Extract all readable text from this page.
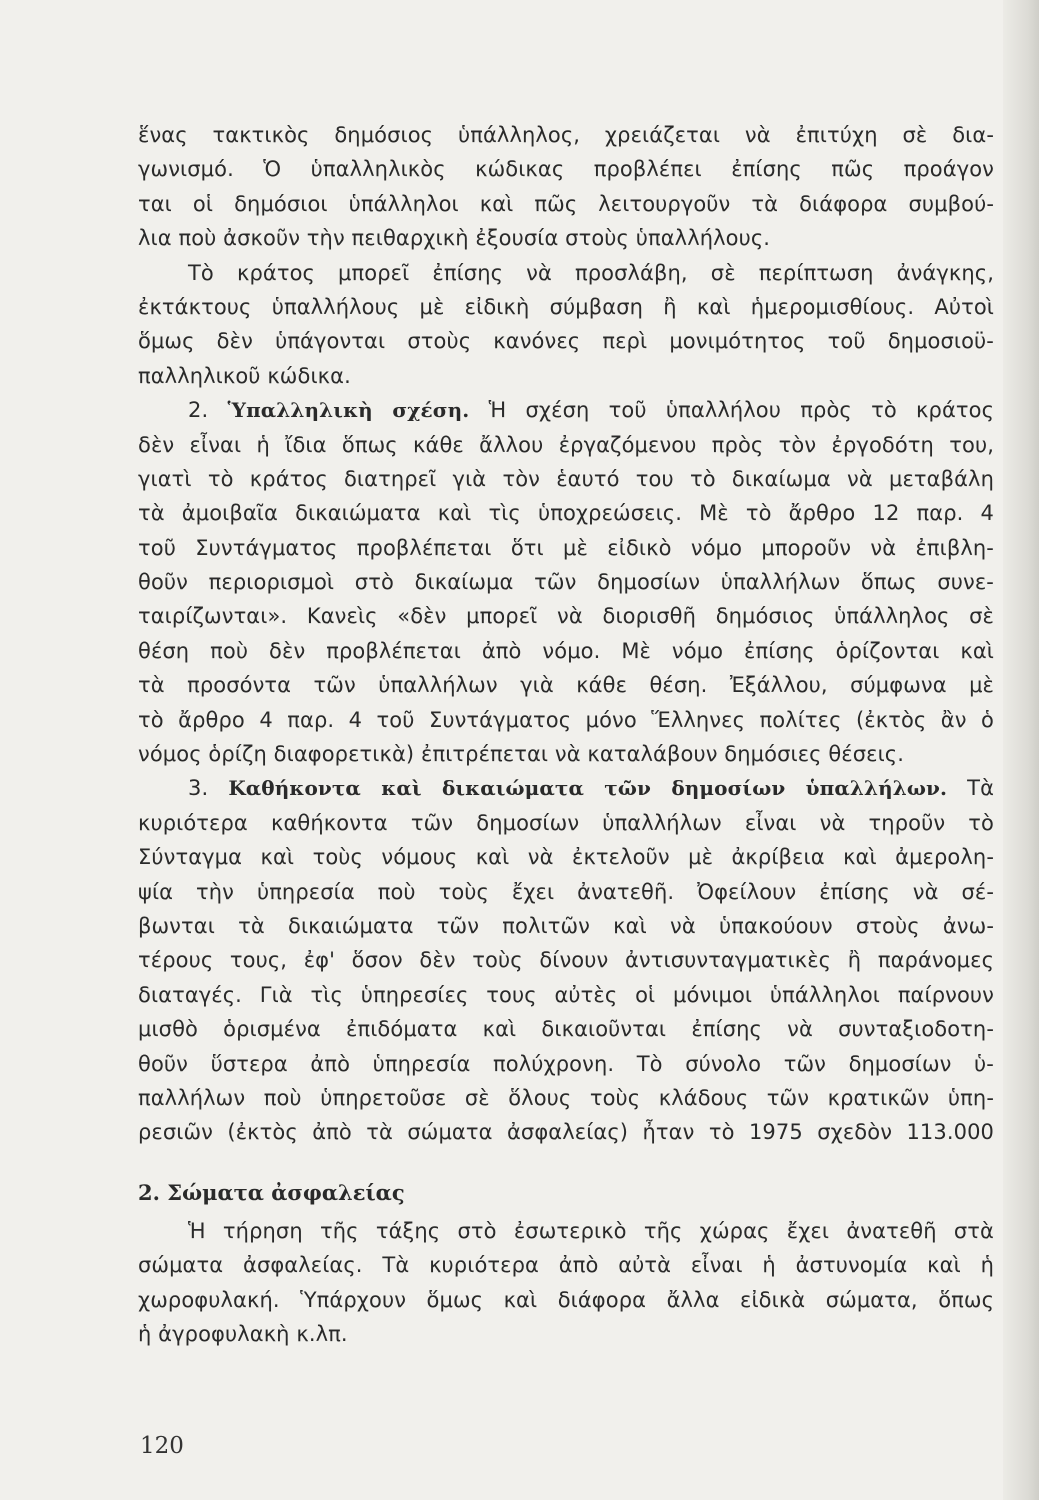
ἕνας τακτικὸς δημόσιος ὑπάλληλος, χρειάζεται νὰ ἐπιτύχη σὲ δια-
γωνισμό. Ὁ ὑπαλληλικὸς κώδικας προβλέπει ἐπίσης πῶς προάγον
ται οἱ δημόσιοι ὑπάλληλοι καὶ πῶς λειτουργοῦν τὰ διάφορα συμβού-
λια ποὺ ἀσκοῦν τὴν πειθαρχικὴ ἐξουσία στοὺς ὑπαλλήλους.
Τὸ κράτος μπορεῖ ἐπίσης νὰ προσλάβη, σὲ περίπτωση ἀνάγκης,
ἐκτάκτους ὑπαλλήλους μὲ εἰδικὴ σύμβαση ἢ καὶ ἡμερομισθίους. Αὐτοὶ
ὅμως δὲν ὑπάγονται στοὺς κανόνες περὶ μονιμότητος τοῦ δημοσιοϋ-
παλληλικοῦ κώδικα.
2. Ὑπαλληλικὴ σχέση. Ἡ σχέση τοῦ ὑπαλλήλου πρὸς τὸ κράτος
δὲν εἶναι ἡ ἴδια ὅπως κάθε ἄλλου ἐργαζόμενου πρὸς τὸν ἐργοδότη του,
γιατὶ τὸ κράτος διατηρεῖ γιὰ τὸν ἑαυτό του τὸ δικαίωμα νὰ μεταβάλη
τὰ ἀμοιβαῖα δικαιώματα καὶ τὶς ὑποχρεώσεις. Μὲ τὸ ἄρθρο 12 παρ. 4
τοῦ Συντάγματος προβλέπεται ὅτι μὲ εἰδικὸ νόμο μποροῦν νὰ ἐπιβλη-
θοῦν περιορισμοὶ στὸ δικαίωμα τῶν δημοσίων ὑπαλλήλων ὅπως συνε-
ταιρίζωνται». Κανεὶς «δὲν μπορεῖ νὰ διορισθῆ δημόσιος ὑπάλληλος σὲ
θέση ποὺ δὲν προβλέπεται ἀπὸ νόμο. Μὲ νόμο ἐπίσης ὁρίζονται καὶ
τὰ προσόντα τῶν ὑπαλλήλων γιὰ κάθε θέση. Ἐξάλλου, σύμφωνα μὲ
τὸ ἄρθρο 4 παρ. 4 τοῦ Συντάγματος μόνο Ἕλληνες πολίτες (ἐκτὸς ἂν ὁ
νόμος ὁρίζη διαφορετικὰ) ἐπιτρέπεται νὰ καταλάβουν δημόσιες θέσεις.
3. Καθήκοντα καὶ δικαιώματα τῶν δημοσίων ὑπαλλήλων. Τὰ
κυριότερα καθήκοντα τῶν δημοσίων ὑπαλλήλων εἶναι νὰ τηροῦν τὸ
Σύνταγμα καὶ τοὺς νόμους καὶ νὰ ἐκτελοῦν μὲ ἀκρίβεια καὶ ἀμερολη-
ψία τὴν ὑπηρεσία ποὺ τοὺς ἔχει ἀνατεθῆ. Ὀφείλουν ἐπίσης νὰ σέ-
βωνται τὰ δικαιώματα τῶν πολιτῶν καὶ νὰ ὑπακούουν στοὺς ἀνω-
τέρους τους, ἐφ' ὅσον δὲν τοὺς δίνουν ἀντισυνταγματικὲς ἢ παράνομες
διαταγές. Γιὰ τὶς ὑπηρεσίες τους αὐτὲς οἱ μόνιμοι ὑπάλληλοι παίρνουν
μισθὸ ὁρισμένα ἐπιδόματα καὶ δικαιοῦνται ἐπίσης νὰ συνταξιοδοτη-
θοῦν ὕστερα ἀπὸ ὑπηρεσία πολύχρονη. Τὸ σύνολο τῶν δημοσίων ὑ-
παλλήλων ποὺ ὑπηρετοῦσε σὲ ὅλους τοὺς κλάδους τῶν κρατικῶν ὑπη-
ρεσιῶν (ἐκτὸς ἀπὸ τὰ σώματα ἀσφαλείας) ἦταν τὸ 1975 σχεδὸν 113.000
2. Σώματα ἀσφαλείας
Ἡ τήρηση τῆς τάξης στὸ ἐσωτερικὸ τῆς χώρας ἔχει ἀνατεθῆ στὰ
σώματα ἀσφαλείας. Τὰ κυριότερα ἀπὸ αὐτὰ εἶναι ἡ ἀστυνομία καὶ ἡ
χωροφυλακή. Ὑπάρχουν ὅμως καὶ διάφορα ἄλλα εἰδικὰ σώματα, ὅπως
ἡ ἀγροφυλακὴ κ.λπ.
120
